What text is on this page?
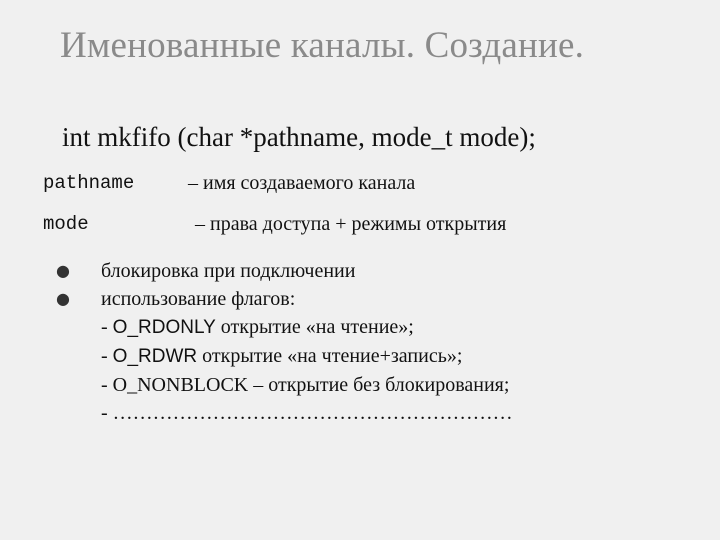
Именованные каналы. Создание.
int mkfifo (char *pathname, mode_t mode);
pathname	– имя создаваемого канала
mode	– права доступа + режимы открытия
● блокировка при подключении
● использование флагов:
- O_RDONLY открытие «на чтение»;
- O_RDWR открытие «на чтение+запись»;
- O_NONBLOCK – открытие без блокирования;
- ……………………………………………………
